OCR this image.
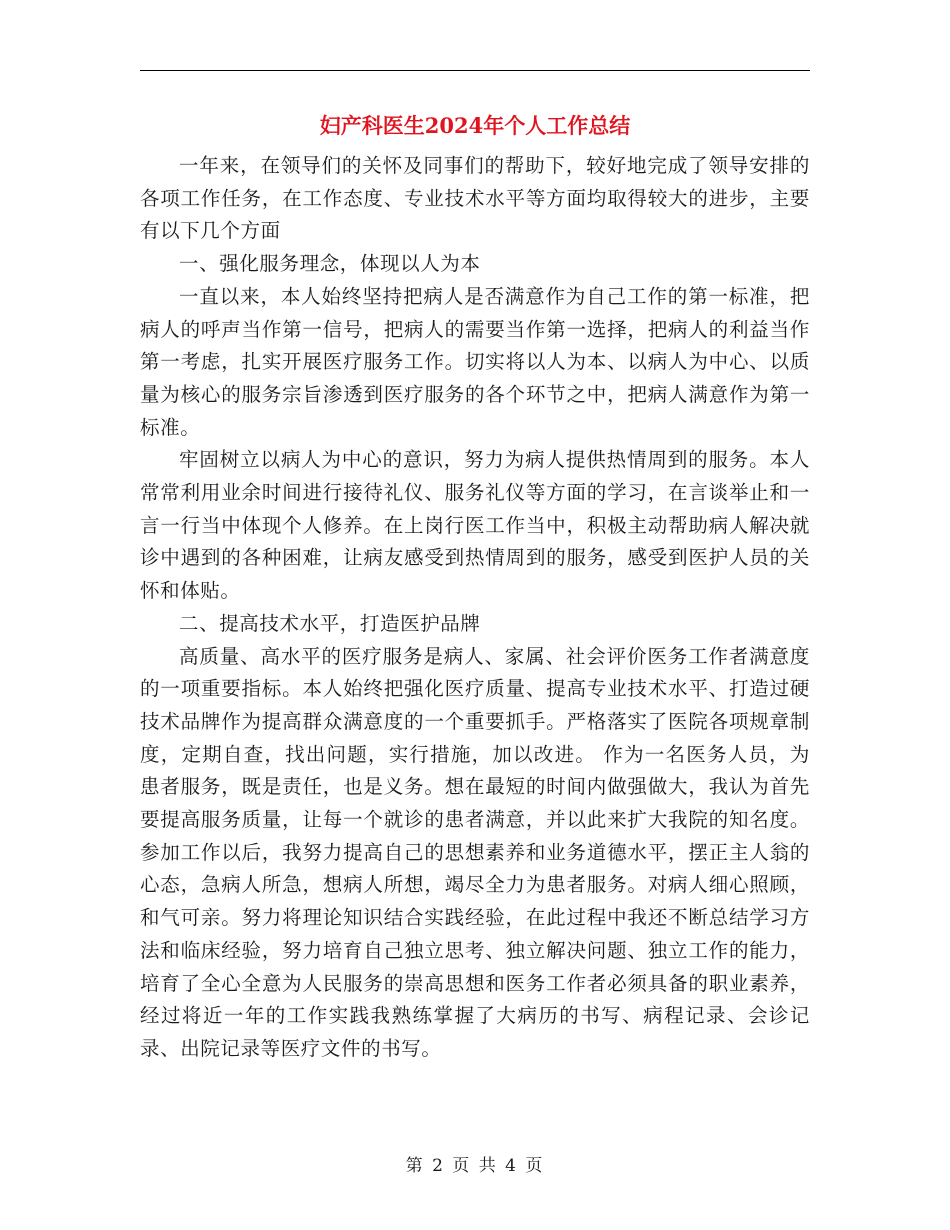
妇产科医生2024年个人工作总结

一年来，在领导们的关怀及同事们的帮助下，较好地完成了领导安排的各项工作任务，在工作态度、专业技术水平等方面均取得较大的进步，主要有以下几个方面

一、强化服务理念，体现以人为本

一直以来，本人始终坚持把病人是否满意作为自己工作的第一标准，把病人的呼声当作第一信号，把病人的需要当作第一选择，把病人的利益当作第一考虑，扎实开展医疗服务工作。切实将以人为本、以病人为中心、以质量为核心的服务宗旨渗透到医疗服务的各个环节之中，把病人满意作为第一标准。

牢固树立以病人为中心的意识，努力为病人提供热情周到的服务。本人常常利用业余时间进行接待礼仪、服务礼仪等方面的学习，在言谈举止和一言一行当中体现个人修养。在上岗行医工作当中，积极主动帮助病人解决就诊中遇到的各种困难，让病友感受到热情周到的服务，感受到医护人员的关怀和体贴。

二、提高技术水平，打造医护品牌

高质量、高水平的医疗服务是病人、家属、社会评价医务工作者满意度的一项重要指标。本人始终把强化医疗质量、提高专业技术水平、打造过硬技术品牌作为提高群众满意度的一个重要抓手。严格落实了医院各项规章制度，定期自查，找出问题，实行措施，加以改进。 作为一名医务人员，为患者服务，既是责任，也是义务。想在最短的时间内做强做大，我认为首先要提高服务质量，让每一个就诊的患者满意，并以此来扩大我院的知名度。参加工作以后，我努力提高自己的思想素养和业务道德水平，摆正主人翁的心态，急病人所急，想病人所想，竭尽全力为患者服务。对病人细心照顾，和气可亲。努力将理论知识结合实践经验，在此过程中我还不断总结学习方法和临床经验，努力培育自己独立思考、独立解决问题、独立工作的能力，培育了全心全意为人民服务的崇高思想和医务工作者必须具备的职业素养，经过将近一年的工作实践我熟练掌握了大病历的书写、病程记录、会诊记录、出院记录等医疗文件的书写。

第 2 页 共 4 页
